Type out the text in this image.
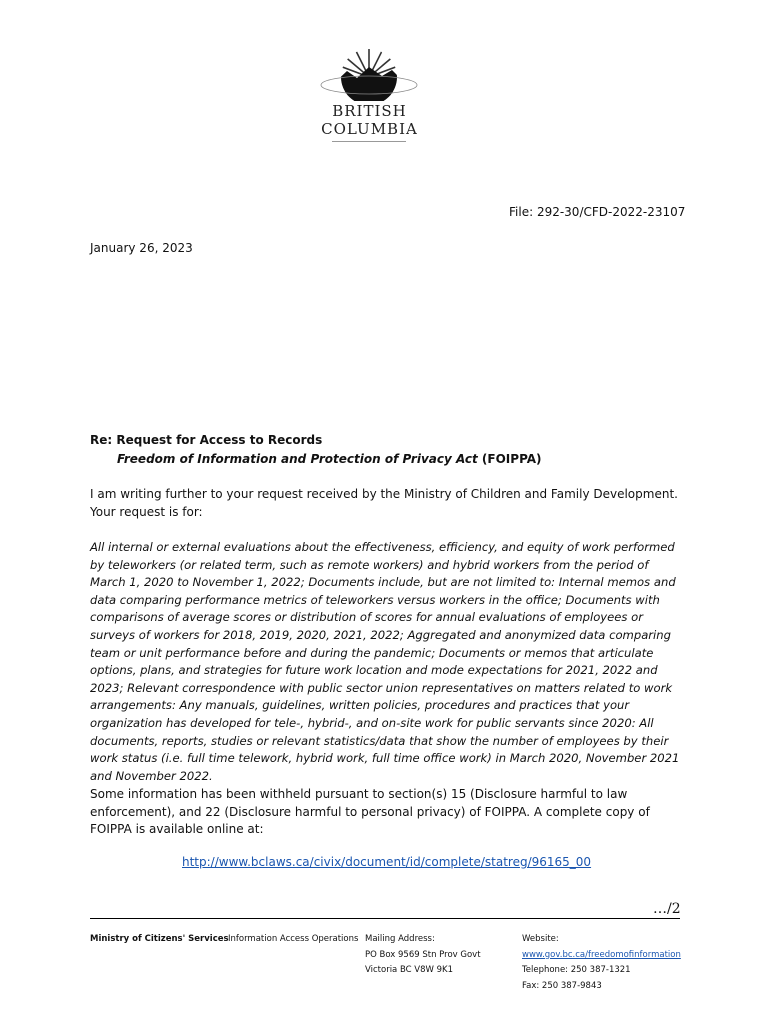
BRITISH
COLUMBIA
File: 292-30/CFD-2022-23107
January 26, 2023
Re: Request for Access to Records
Freedom of Information and Protection of Privacy Act (FOIPPA)
I am writing further to your request received by the Ministry of Children and Family Development. Your request is for:
All internal or external evaluations about the effectiveness, efficiency, and equity of work performed by teleworkers (or related term, such as remote workers) and hybrid workers from the period of March 1, 2020 to November 1, 2022; Documents include, but are not limited to: Internal memos and data comparing performance metrics of teleworkers versus workers in the office; Documents with comparisons of average scores or distribution of scores for annual evaluations of employees or surveys of workers for 2018, 2019, 2020, 2021, 2022; Aggregated and anonymized data comparing team or unit performance before and during the pandemic; Documents or memos that articulate options, plans, and strategies for future work location and mode expectations for 2021, 2022 and 2023; Relevant correspondence with public sector union representatives on matters related to work arrangements: Any manuals, guidelines, written policies, procedures and practices that your organization has developed for tele-, hybrid-, and on-site work for public servants since 2020: All documents, reports, studies or relevant statistics/data that show the number of employees by their work status (i.e. full time telework, hybrid work, full time office work) in March 2020, November 2021 and November 2022.
Some information has been withheld pursuant to section(s) 15 (Disclosure harmful to law enforcement), and 22 (Disclosure harmful to personal privacy) of FOIPPA. A complete copy of FOIPPA is available online at:
http://www.bclaws.ca/civix/document/id/complete/statreg/96165_00
…/2
Ministry of Citizens' Services Information Access Operations Mailing Address:
PO Box 9569 Stn Prov Govt
Victoria BC V8W 9K1
Website:
www.gov.bc.ca/freedomofinformation
Telephone: 250 387-1321
Fax: 250 387-9843
